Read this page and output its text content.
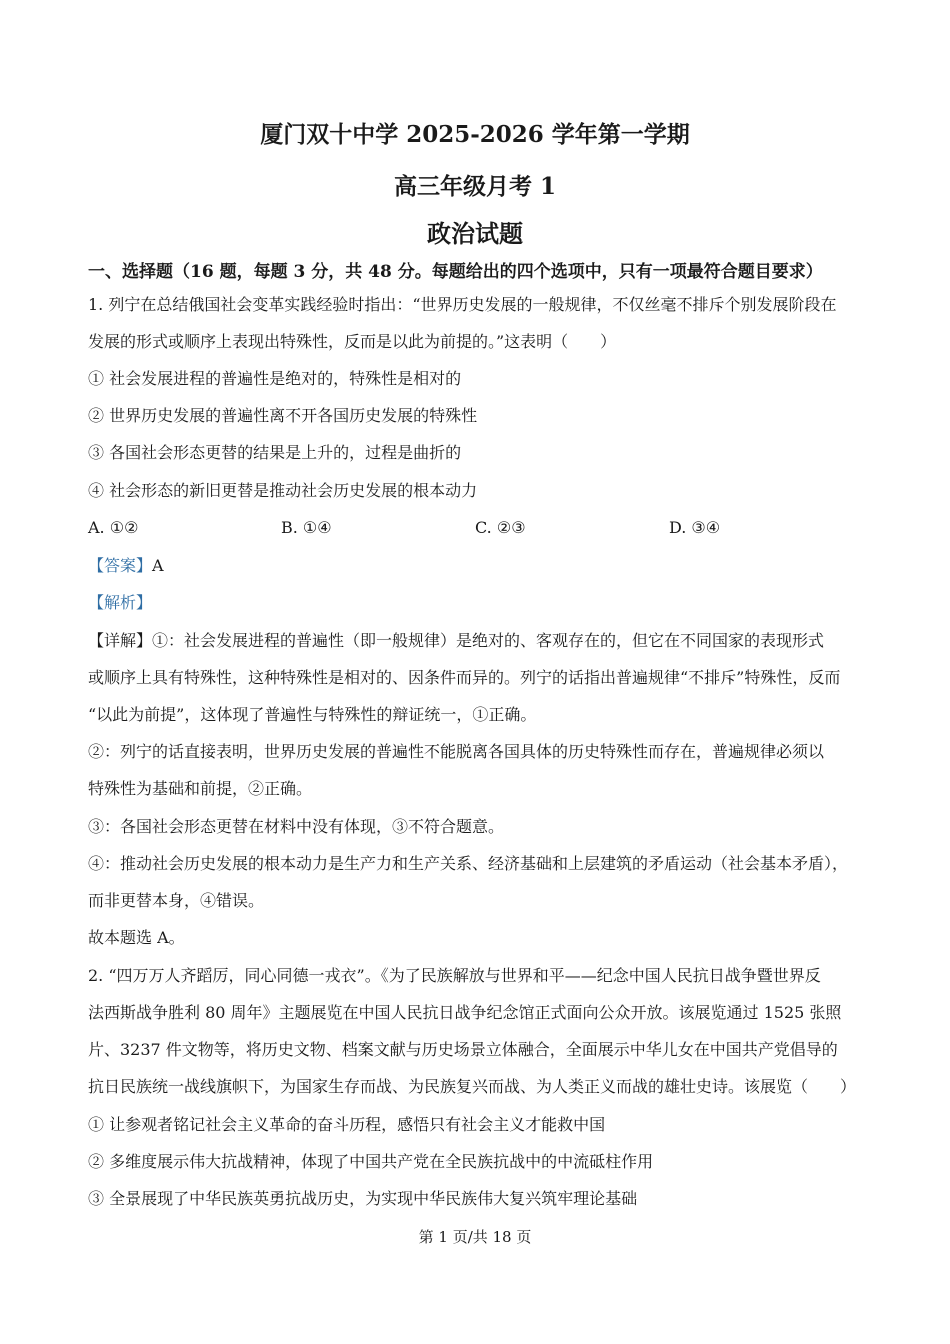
厦门双十中学 2025-2026 学年第一学期
高三年级月考 1
政治试题
一、选择题（16 题，每题 3 分，共 48 分。每题给出的四个选项中，只有一项最符合题目要求）
1. 列宁在总结俄国社会变革实践经验时指出：“世界历史发展的一般规律，不仅丝毫不排斥个别发展阶段在
发展的形式或顺序上表现出特殊性，反而是以此为前提的。”这表明（　　）
① 社会发展进程的普遍性是绝对的，特殊性是相对的
② 世界历史发展的普遍性离不开各国历史发展的特殊性
③ 各国社会形态更替的结果是上升的，过程是曲折的
④ 社会形态的新旧更替是推动社会历史发展的根本动力
A. ①②	B. ①④	C. ②③	D. ③④
【答案】A
【解析】
【详解】①：社会发展进程的普遍性（即一般规律）是绝对的、客观存在的，但它在不同国家的表现形式
或顺序上具有特殊性，这种特殊性是相对的、因条件而异的。列宁的话指出普遍规律“不排斥”特殊性，反而
“以此为前提”，这体现了普遍性与特殊性的辩证统一，①正确。
②：列宁的话直接表明，世界历史发展的普遍性不能脱离各国具体的历史特殊性而存在，普遍规律必须以
特殊性为基础和前提，②正确。
③：各国社会形态更替在材料中没有体现，③不符合题意。
④：推动社会历史发展的根本动力是生产力和生产关系、经济基础和上层建筑的矛盾运动（社会基本矛盾），
而非更替本身，④错误。
故本题选 A。
2. “四万万人齐蹈厉，同心同德一戎衣”。《为了民族解放与世界和平——纪念中国人民抗日战争暨世界反
法西斯战争胜利 80 周年》主题展览在中国人民抗日战争纪念馆正式面向公众开放。该展览通过 1525 张照
片、3237 件文物等，将历史文物、档案文献与历史场景立体融合，全面展示中华儿女在中国共产党倡导的
抗日民族统一战线旗帜下，为国家生存而战、为民族复兴而战、为人类正义而战的雄壮史诗。该展览（　　）
① 让参观者铭记社会主义革命的奋斗历程，感悟只有社会主义才能救中国
② 多维度展示伟大抗战精神，体现了中国共产党在全民族抗战中的中流砥柱作用
③ 全景展现了中华民族英勇抗战历史，为实现中华民族伟大复兴筑牢理论基础
第 1 页/共 18 页
